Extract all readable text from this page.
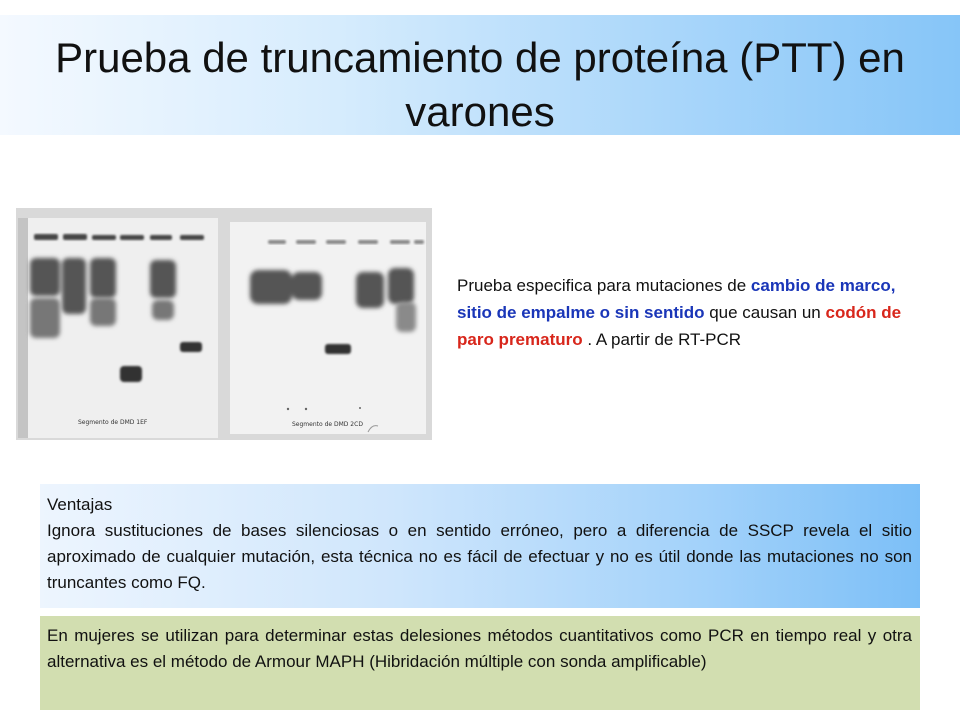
Prueba de truncamiento de proteína (PTT) en varones
Segmento de DMD 1EF	Segmento de DMD 2CD
Prueba especifica para mutaciones de cambio de marco, sitio de empalme o sin sentido que causan un codón de paro prematuro . A partir de RT-PCR
Ventajas
Ignora sustituciones de bases silenciosas o en sentido erróneo, pero a diferencia de SSCP revela el sitio aproximado de cualquier mutación, esta técnica no es fácil de efectuar y no es útil donde las mutaciones no son truncantes como FQ.
En mujeres se utilizan para determinar estas delesiones métodos cuantitativos como PCR en tiempo real y otra alternativa es el método de Armour MAPH (Hibridación múltiple con sonda amplificable)
